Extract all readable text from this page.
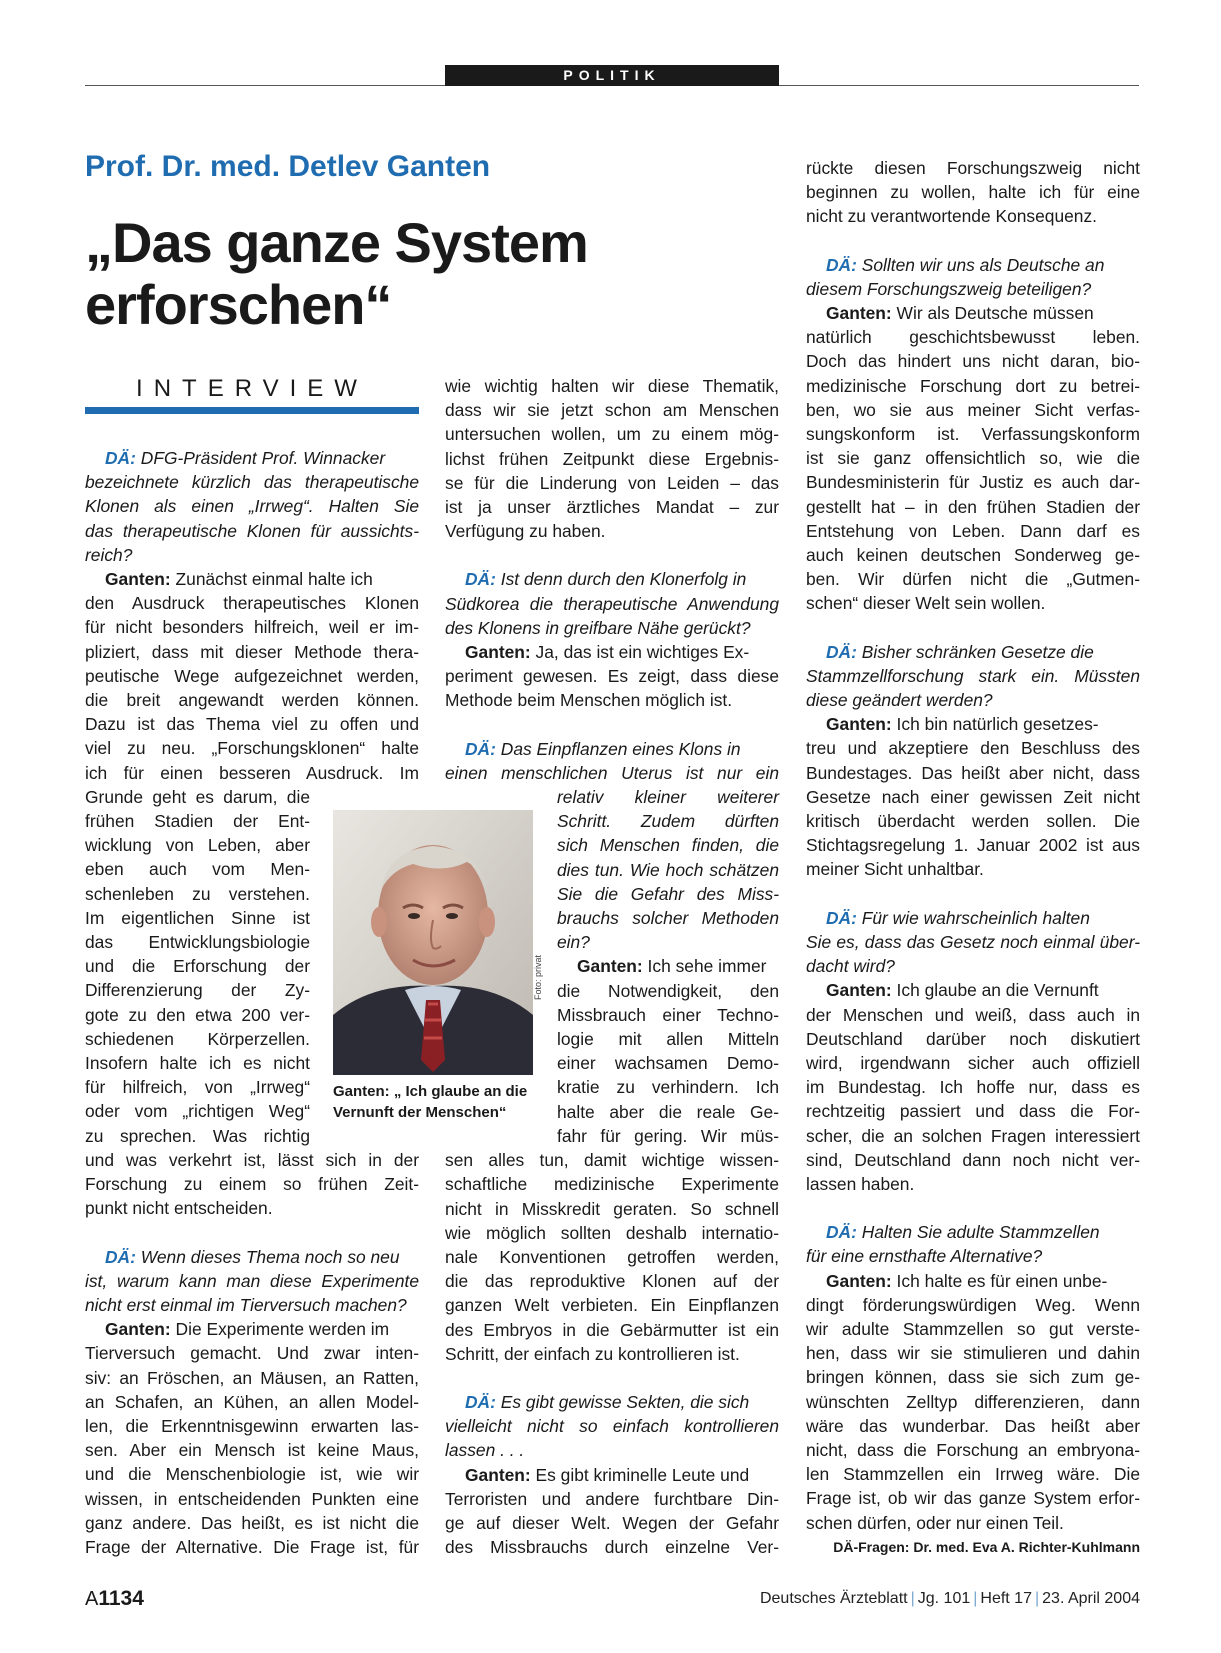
POLITIK
Prof. Dr. med. Detlev Ganten
„Das ganze System
erforschen“
INTERVIEW

DÄ: DFG-Präsident Prof. Winnacker

bezeichnete kürzlich das therapeutische
Klonen als einen „Irrweg“. Halten Sie
das therapeutische Klonen für aussichts-
reich?

Ganten: Zunächst einmal halte ich

den Ausdruck therapeutisches Klonen
für nicht besonders hilfreich, weil er im-
pliziert, dass mit dieser Methode thera-
peutische Wege aufgezeichnet werden,
die breit angewandt werden können.
Dazu ist das Thema viel zu offen und
viel zu neu. „Forschungsklonen“ halte
ich für einen besseren Ausdruck. Im
Grunde geht es darum, die
frühen Stadien der Ent-
wicklung von Leben, aber
eben auch vom Men-
schenleben zu verstehen.
Im eigentlichen Sinne ist
das Entwicklungsbiologie
und die Erforschung der
Differenzierung der Zy-
gote zu den etwa 200 ver-
schiedenen Körperzellen.
Insofern halte ich es nicht
für hilfreich, von „Irrweg“
oder vom „richtigen Weg“
zu sprechen. Was richtig
und was verkehrt ist, lässt sich in der
Forschung zu einem so frühen Zeit-
punkt nicht entscheiden.

DÄ: Wenn dieses Thema noch so neu

ist, warum kann man diese Experimente
nicht erst einmal im Tierversuch machen?

Ganten: Die Experimente werden im

Tierversuch gemacht. Und zwar inten-
siv: an Fröschen, an Mäusen, an Ratten,
an Schafen, an Kühen, an allen Model-
len, die Erkenntnisgewinn erwarten las-
sen. Aber ein Mensch ist keine Maus,
und die Menschenbiologie ist, wie wir
wissen, in entscheidenden Punkten eine
ganz andere. Das heißt, es ist nicht die
Frage der Alternative. Die Frage ist, für
wie wichtig halten wir diese Thematik,
dass wir sie jetzt schon am Menschen
untersuchen wollen, um zu einem mög-
lichst frühen Zeitpunkt diese Ergebnis-
se für die Linderung von Leiden – das
ist ja unser ärztliches Mandat – zur
Verfügung zu haben.

DÄ: Ist denn durch den Klonerfolg in

Südkorea die therapeutische Anwendung
des Klonens in greifbare Nähe gerückt?

Ganten: Ja, das ist ein wichtiges Ex-

periment gewesen. Es zeigt, dass diese
Methode beim Menschen möglich ist.

DÄ: Das Einpflanzen eines Klons in

einen menschlichen Uterus ist nur ein
relativ kleiner weiterer
Schritt. Zudem dürften
sich Menschen finden, die
dies tun. Wie hoch schätzen
Sie die Gefahr des Miss-
brauchs solcher Methoden
ein?

Ganten: Ich sehe immer

die Notwendigkeit, den
Missbrauch einer Techno-
logie mit allen Mitteln
einer wachsamen Demo-
kratie zu verhindern. Ich
halte aber die reale Ge-
fahr für gering. Wir müs-
sen alles tun, damit wichtige wissen-
schaftliche medizinische Experimente
nicht in Misskredit geraten. So schnell
wie möglich sollten deshalb internatio-
nale Konventionen getroffen werden,
die das reproduktive Klonen auf der
ganzen Welt verbieten. Ein Einpflanzen
des Embryos in die Gebärmutter ist ein
Schritt, der einfach zu kontrollieren ist.

DÄ: Es gibt gewisse Sekten, die sich

vielleicht nicht so einfach kontrollieren
lassen . . .

Ganten: Es gibt kriminelle Leute und

Terroristen und andere furchtbare Din-
ge auf dieser Welt. Wegen der Gefahr
des Missbrauchs durch einzelne Ver-
rückte diesen Forschungszweig nicht
beginnen zu wollen, halte ich für eine
nicht zu verantwortende Konsequenz.

DÄ: Sollten wir uns als Deutsche an

diesem Forschungszweig beteiligen?

Ganten: Wir als Deutsche müssen

natürlich geschichtsbewusst leben.
Doch das hindert uns nicht daran, bio-
medizinische Forschung dort zu betrei-
ben, wo sie aus meiner Sicht verfas-
sungskonform ist. Verfassungskonform
ist sie ganz offensichtlich so, wie die
Bundesministerin für Justiz es auch dar-
gestellt hat – in den frühen Stadien der
Entstehung von Leben. Dann darf es
auch keinen deutschen Sonderweg ge-
ben. Wir dürfen nicht die „Gutmen-
schen“ dieser Welt sein wollen.

DÄ: Bisher schränken Gesetze die

Stammzellforschung stark ein. Müssten
diese geändert werden?

Ganten: Ich bin natürlich gesetzes-

treu und akzeptiere den Beschluss des
Bundestages. Das heißt aber nicht, dass
Gesetze nach einer gewissen Zeit nicht
kritisch überdacht werden sollen. Die
Stichtagsregelung 1. Januar 2002 ist aus
meiner Sicht unhaltbar.

DÄ: Für wie wahrscheinlich halten

Sie es, dass das Gesetz noch einmal über-
dacht wird?

Ganten: Ich glaube an die Vernunft

der Menschen und weiß, dass auch in
Deutschland darüber noch diskutiert
wird, irgendwann sicher auch offiziell
im Bundestag. Ich hoffe nur, dass es
rechtzeitig passiert und dass die For-
scher, die an solchen Fragen interessiert
sind, Deutschland dann noch nicht ver-
lassen haben.

DÄ: Halten Sie adulte Stammzellen

für eine ernsthafte Alternative?

Ganten: Ich halte es für einen unbe-

dingt förderungswürdigen Weg. Wenn
wir adulte Stammzellen so gut verste-
hen, dass wir sie stimulieren und dahin
bringen können, dass sie sich zum ge-
wünschten Zelltyp differenzieren, dann
wäre das wunderbar. Das heißt aber
nicht, dass die Forschung an embryona-
len Stammzellen ein Irrweg wäre. Die
Frage ist, ob wir das ganze System erfor-
schen dürfen, oder nur einen Teil.
Foto: privat
Ganten: „ Ich glaube an die
Vernunft der Menschen“
DÄ-Fragen: Dr. med. Eva A. Richter-Kuhlmann
A1134	Deutsches Ärzteblatt | Jg. 101 | Heft 17 | 23. April 2004
